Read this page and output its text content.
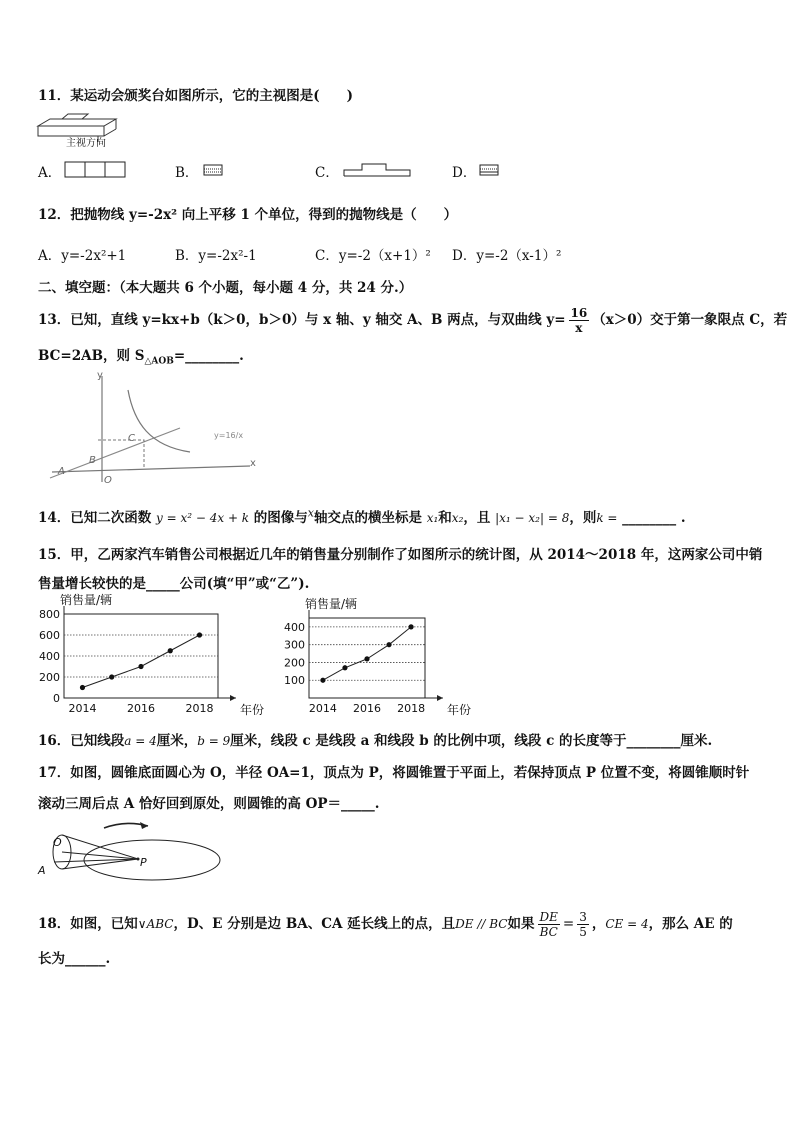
11．某运动会颁奖台如图所示，它的主视图是(　　)
主视方向
A．	B．	C．	D．
12．把抛物线 y=-2x² 向上平移 1 个单位，得到的抛物线是（　　）
A．y=-2x²+1	B．y=-2x²-1	C．y=-2（x+1）² D．y=-2（x-1）²
二、填空题：（本大题共 6 个小题，每小题 4 分，共 24 分.）
13．已知，直线 y=kx+b（k＞0，b＞0）与 x 轴、y 轴交 A、B 两点，与双曲线 $y= \frac{16}{x} (x>0)$交于第一象限点 C，若
BC=2AB，则 $S_{\triangle AOB}=\_\_\_\_\_\_\_\_$.
y
x
A
B
C
O
y=16/x
14．已知二次函数 y = x² − 4x + k 的图像与$^x$轴交点的横坐标是 x₁和x₂，且 |x₁ − x₂| = 8，则k = ________ .
15．甲，乙两家汽车销售公司根据近几年的销售量分别制作了如图所示的统计图，从 2014～2018 年，这两家公司中销
售量增长较快的是_____公司(填“甲”或“乙”).
0
200
400
600
800
2014	2016	2018
销售量/辆
年份
100
200
300
400
2014 2016 2018
销售量/辆
年份
16．已知线段a = 4厘米，b = 9厘米，线段 c 是线段 a 和线段 b 的比例中项，线段 c 的长度等于________厘米.
17．如图，圆锥底面圆心为 O，半径 OA=1，顶点为 P，将圆锥置于平面上，若保持顶点 P 位置不变，将圆锥顺时针
滚动三周后点 A 恰好回到原处，则圆锥的高 OP＝_____.
O
A
P
18．如图，已知∨ABC，D、E 分别是边 BA、CA 延长线上的点，且DE // BC如果 $\frac{DE}{BC} = \frac{3}{5}$ ，CE = 4，那么 AE 的
长为______.
